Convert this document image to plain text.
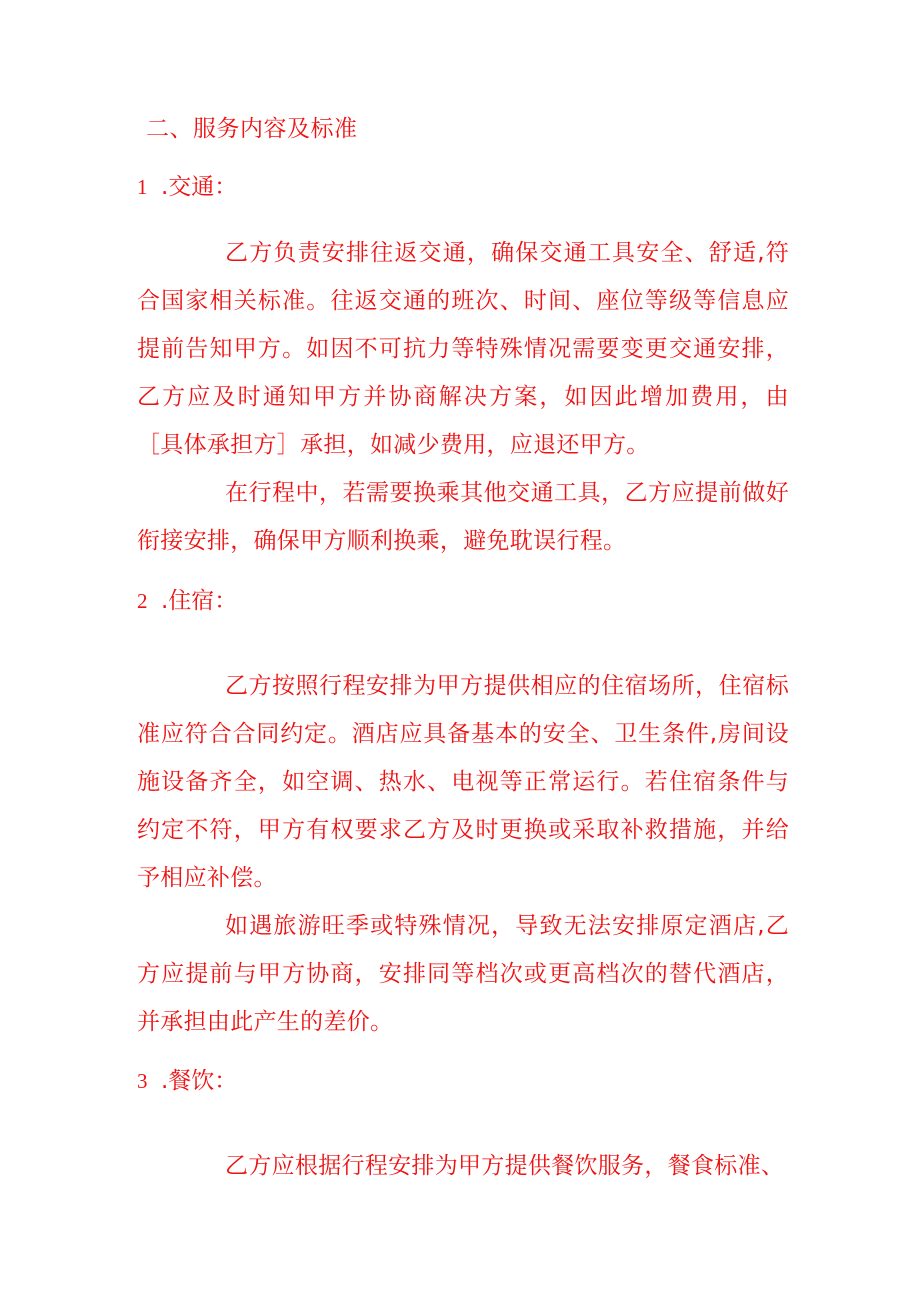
二、服务内容及标准
1 .交通：

乙方负责安排往返交通，确保交通工具安全、舒适,符合国家相关标准。往返交通的班次、时间、座位等级等信息应提前告知甲方。如因不可抗力等特殊情况需要变更交通安排，乙方应及时通知甲方并协商解决方案，如因此增加费用，由［具体承担方］承担，如减少费用，应退还甲方。

在行程中，若需要换乘其他交通工具，乙方应提前做好衔接安排，确保甲方顺利换乘，避免耽误行程。

2 .住宿：

乙方按照行程安排为甲方提供相应的住宿场所，住宿标准应符合合同约定。酒店应具备基本的安全、卫生条件,房间设施设备齐全，如空调、热水、电视等正常运行。若住宿条件与约定不符，甲方有权要求乙方及时更换或采取补救措施，并给予相应补偿。

如遇旅游旺季或特殊情况，导致无法安排原定酒店,乙方应提前与甲方协商，安排同等档次或更高档次的替代酒店，并承担由此产生的差价。

3 .餐饮：

乙方应根据行程安排为甲方提供餐饮服务，餐食标准、
